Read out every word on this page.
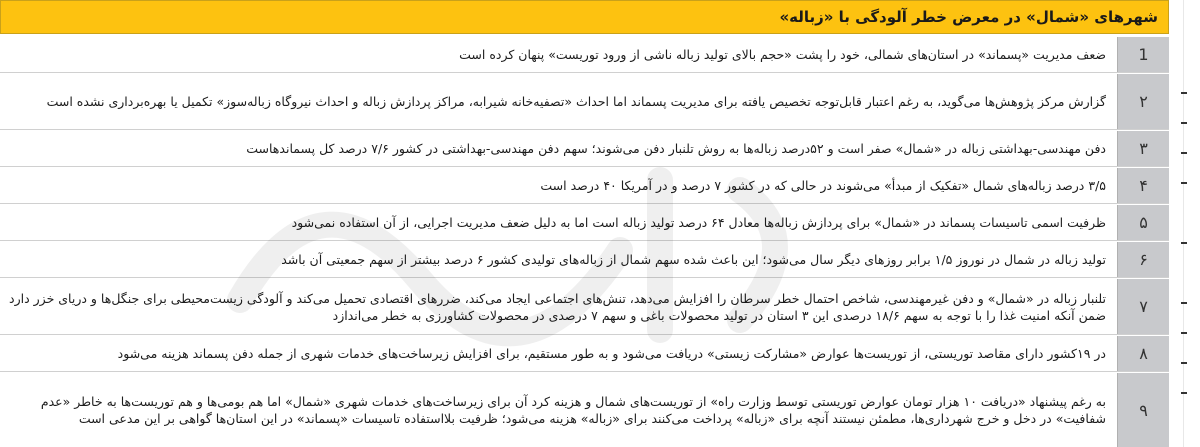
شهرهای «شمال» در معرض خطر آلودگی با «زباله»
1
ضعف مدیریت «پسماند» در استان‌های شمالی، خود را پشت «حجم بالای تولید زباله ناشی از ورود توریست» پنهان کرده است
۲
گزارش مرکز پژوهش‌ها می‌گوید، به رغم اعتبار قابل‌توجه تخصیص یافته برای مدیریت پسماند اما احداث «تصفیه‌خانه شیرابه، مراکز پردازش زباله و احداث نیروگاه زباله‌سوز» تکمیل یا بهره‌برداری نشده است
۳
دفن مهندسی-بهداشتی زباله در «شمال» صفر است و ۵۲درصد زباله‌ها به روش تلنبار دفن می‌شوند؛ سهم دفن مهندسی-بهداشتی در کشور ۷/۶ درصد کل پسماندهاست
۴
۳/۵ درصد زباله‌های شمال «تفکیک از مبدأ» می‌شوند در حالی که در کشور ۷ درصد و در آمریکا ۴۰ درصد است
۵
ظرفیت اسمی تاسیسات پسماند در «شمال» برای پردازش زباله‌ها معادل ۶۴ درصد تولید زباله است اما به دلیل ضعف مدیریت اجرایی، از آن استفاده نمی‌شود
۶
تولید زباله در شمال در نوروز ۱/۵ برابر روزهای دیگر سال می‌شود؛ این باعث شده سهم شمال از زباله‌های تولیدی کشور ۶ درصد بیشتر از سهم جمعیتی آن باشد
۷
تلنبار زباله در «شمال» و دفن غیرمهندسی، شاخص احتمال خطر سرطان را افزایش می‌دهد، تنش‌های اجتماعی ایجاد می‌کند، ضررهای اقتصادی تحمیل می‌کند و آلودگی زیست‌محیطی برای جنگل‌ها و دریای خزر دارد ضمن آنکه امنیت غذا را با توجه به سهم ۱۸/۶ درصدی این ۳ استان در تولید محصولات باغی و سهم ۷ درصدی در محصولات کشاورزی به خطر می‌اندازد
۸
در ۱۹کشور دارای مقاصد توریستی، از توریست‌ها عوارض «مشارکت زیستی» دریافت می‌شود و به طور مستقیم، برای افزایش زیرساخت‌های خدمات شهری از جمله دفن پسماند هزینه می‌شود
۹
به رغم پیشنهاد «دریافت ۱۰ هزار تومان عوارض توریستی توسط وزارت راه» از توریست‌های شمال و هزینه کرد آن برای زیرساخت‌های خدمات شهری «شمال» اما هم بومی‌ها و هم توریست‌ها به خاطر «عدم شفافیت» در دخل و خرج شهرداری‌ها، مطمئن نیستند آنچه برای «زباله» پرداخت می‌کنند برای «زباله» هزینه می‌شود؛ ظرفیت بلااستفاده تاسیسات «پسماند» در این استان‌ها گواهی بر این مدعی است
